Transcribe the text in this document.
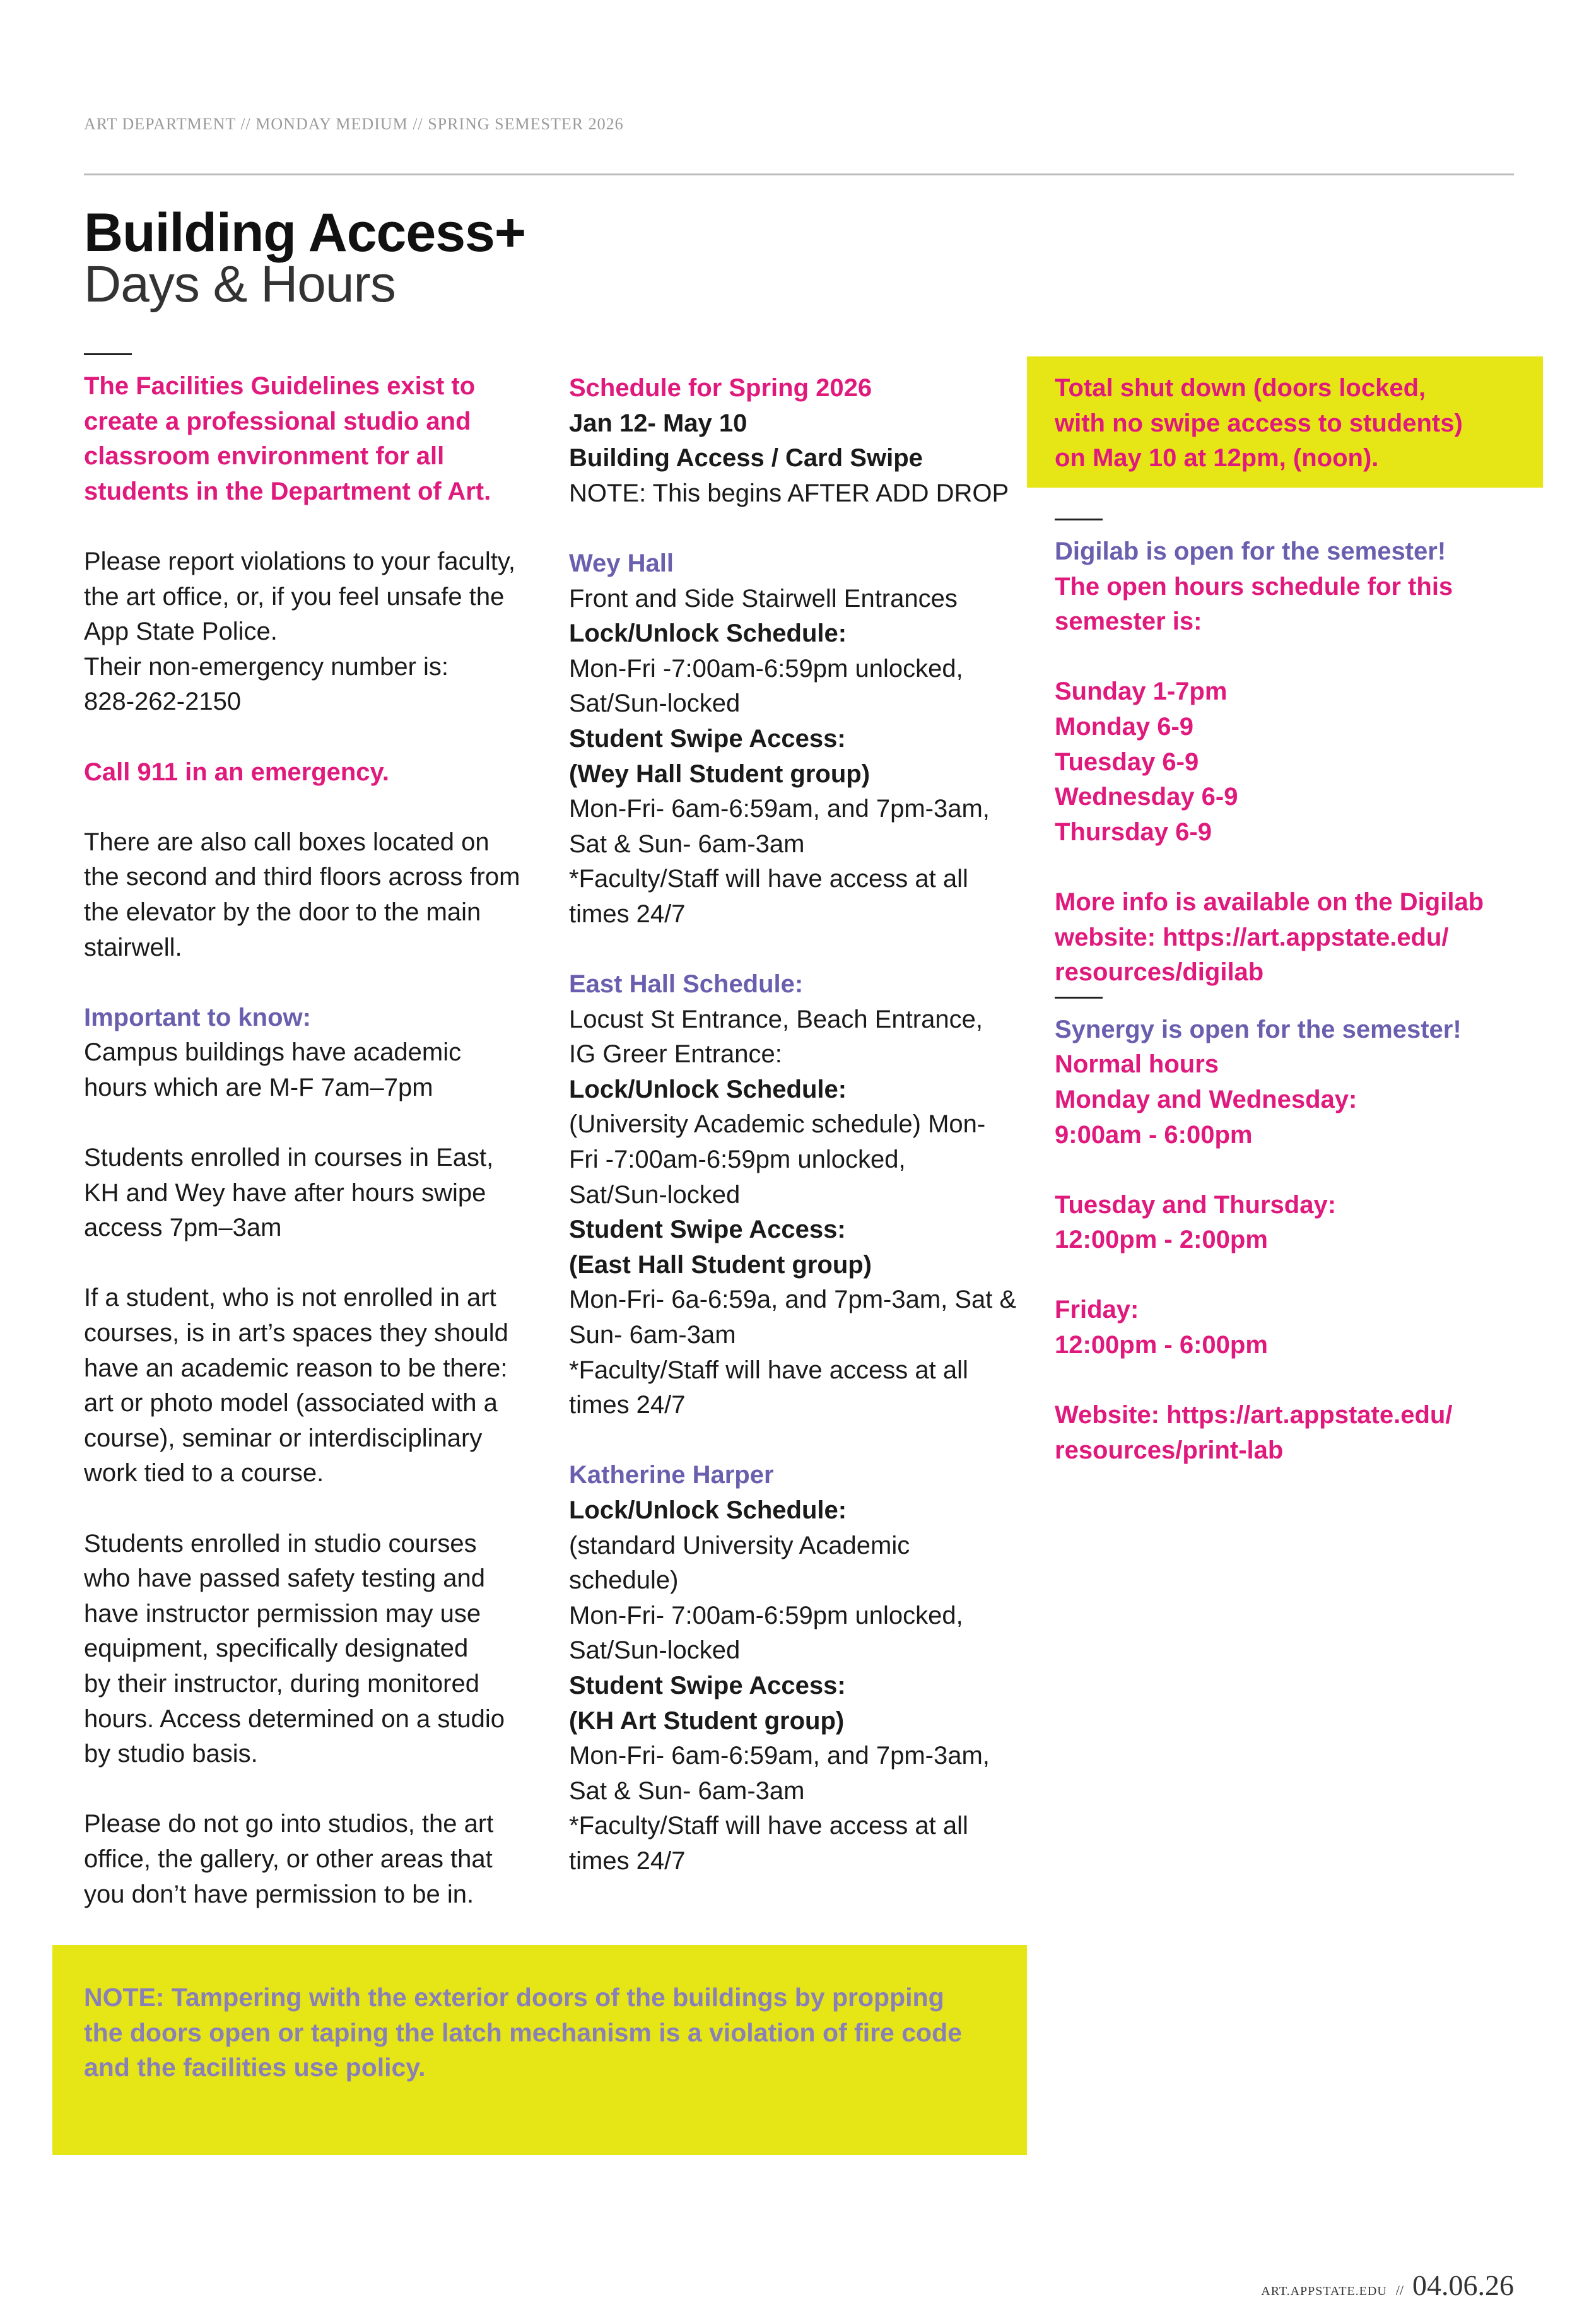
ART DEPARTMENT // MONDAY MEDIUM // SPRING SEMESTER 2026
Building Access+
Days & Hours

The Facilities Guidelines exist to
create a professional studio and
classroom environment for all
students in the Department of Art.

Please report violations to your faculty,
the art office, or, if you feel unsafe the
App State Police.
Their non-emergency number is:
828-262-2150

Call 911 in an emergency.

There are also call boxes located on
the second and third floors across from
the elevator by the door to the main
stairwell.

Important to know:

Campus buildings have academic
hours which are M-F 7am–7pm

Students enrolled in courses in East,
KH and Wey have after hours swipe
access 7pm–3am

If a student, who is not enrolled in art
courses, is in art’s spaces they should
have an academic reason to be there:
art or photo model (associated with a
course), seminar or interdisciplinary
work tied to a course.

Students enrolled in studio courses
who have passed safety testing and
have instructor permission may use
equipment, specifically designated
by their instructor, during monitored
hours. Access determined on a studio
by studio basis.

Please do not go into studios, the art
office, the gallery, or other areas that
you don’t have permission to be in.

Schedule for Spring 2026

Jan 12- May 10

Building Access / Card Swipe

NOTE: This begins AFTER ADD DROP

Wey Hall

Front and Side Stairwell Entrances

Lock/Unlock Schedule:

Mon-Fri -7:00am-6:59pm unlocked,
Sat/Sun-locked

Student Swipe Access:
(Wey Hall Student group)

Mon-Fri- 6am-6:59am, and 7pm-3am,
Sat & Sun- 6am-3am
*Faculty/Staff will have access at all
times 24/7

East Hall Schedule:

Locust St Entrance, Beach Entrance,
IG Greer Entrance:

Lock/Unlock Schedule:

(University Academic schedule) Mon-
Fri -7:00am-6:59pm unlocked,
Sat/Sun-locked

Student Swipe Access:
(East Hall Student group)

Mon-Fri- 6a-6:59a, and 7pm-3am, Sat &
Sun- 6am-3am
*Faculty/Staff will have access at all
times 24/7

Katherine Harper

Lock/Unlock Schedule:

(standard University Academic
schedule)
Mon-Fri- 7:00am-6:59pm unlocked,
Sat/Sun-locked

Student Swipe Access:
(KH Art Student group)

Mon-Fri- 6am-6:59am, and 7pm-3am,
Sat & Sun- 6am-3am
*Faculty/Staff will have access at all
times 24/7

Total shut down (doors locked,
with no swipe access to students)
on May 10 at 12pm, (noon).

Digilab is open for the semester!

The open hours schedule for this
semester is:

Sunday 1-7pm
Monday 6-9
Tuesday 6-9
Wednesday 6-9
Thursday 6-9

More info is available on the Digilab
website: https://art.appstate.edu/
resources/digilab

Synergy is open for the semester!

Normal hours
Monday and Wednesday:
9:00am - 6:00pm

Tuesday and Thursday:
12:00pm - 2:00pm

Friday:
12:00pm - 6:00pm

Website: https://art.appstate.edu/
resources/print-lab

NOTE: Tampering with the exterior doors of the buildings by propping
the doors open or taping the latch mechanism is a violation of fire code
and the facilities use policy.
ART.APPSTATE.EDU // 04.06.26
